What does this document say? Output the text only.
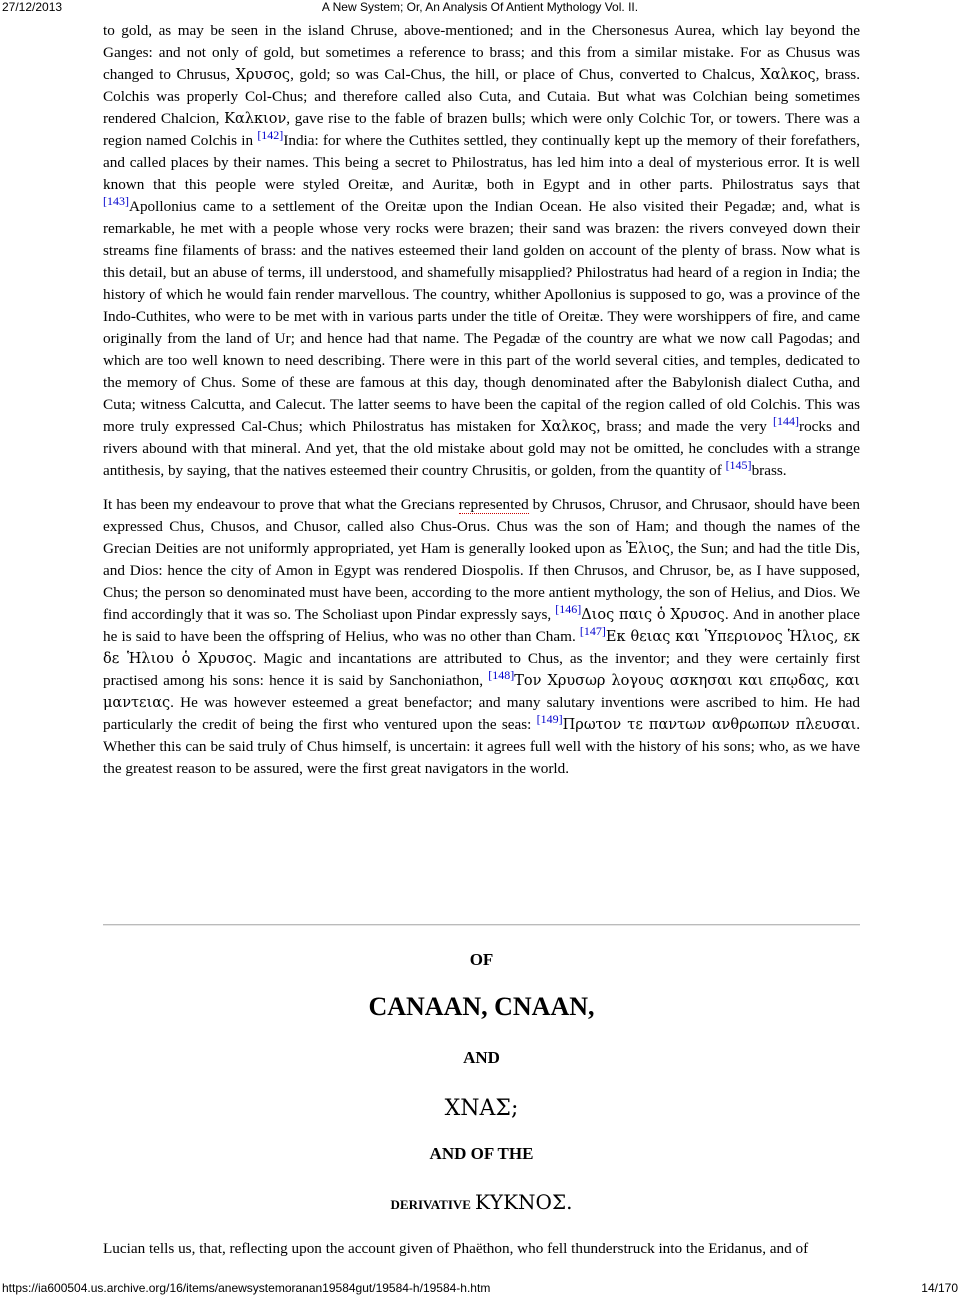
27/12/2013	A New System; Or, An Analysis Of Antient Mythology Vol. II.

to gold, as may be seen in the island Chruse, above-mentioned; and in the Chersonesus Aurea, which lay beyond the Ganges: and not only of gold, but sometimes a reference to brass; and this from a similar mistake. For as Chusus was changed to Chrusus, Χρυσος, gold; so was Cal-Chus, the hill, or place of Chus, converted to Chalcus, Χαλκος, brass. Colchis was properly Col-Chus; and therefore called also Cuta, and Cutaia. But what was Colchian being sometimes rendered Chalcion, Καλκιον, gave rise to the fable of brazen bulls; which were only Colchic Tor, or towers. There was a region named Colchis in [142]India: for where the Cuthites settled, they continually kept up the memory of their forefathers, and called places by their names. This being a secret to Philostratus, has led him into a deal of mysterious error. It is well known that this people were styled Oreitæ, and Auritæ, both in Egypt and in other parts. Philostratus says that [143]Apollonius came to a settlement of the Oreitæ upon the Indian Ocean. He also visited their Pegadæ; and, what is remarkable, he met with a people whose very rocks were brazen; their sand was brazen: the rivers conveyed down their streams fine filaments of brass: and the natives esteemed their land golden on account of the plenty of brass. Now what is this detail, but an abuse of terms, ill understood, and shamefully misapplied? Philostratus had heard of a region in India; the history of which he would fain render marvellous. The country, whither Apollonius is supposed to go, was a province of the Indo-Cuthites, who were to be met with in various parts under the title of Oreitæ. They were worshippers of fire, and came originally from the land of Ur; and hence had that name. The Pegadæ of the country are what we now call Pagodas; and which are too well known to need describing. There were in this part of the world several cities, and temples, dedicated to the memory of Chus. Some of these are famous at this day, though denominated after the Babylonish dialect Cutha, and Cuta; witness Calcutta, and Calecut. The latter seems to have been the capital of the region called of old Colchis. This was more truly expressed Cal-Chus; which Philostratus has mistaken for Χαλκος, brass; and made the very [144]rocks and rivers abound with that mineral. And yet, that the old mistake about gold may not be omitted, he concludes with a strange antithesis, by saying, that the natives esteemed their country Chrusitis, or golden, from the quantity of [145]brass.

It has been my endeavour to prove that what the Grecians represented by Chrusos, Chrusor, and Chrusaor, should have been expressed Chus, Chusos, and Chusor, called also Chus-Orus. Chus was the son of Ham; and though the names of the Grecian Deities are not uniformly appropriated, yet Ham is generally looked upon as Ἑλιος, the Sun; and had the title Dis, and Dios: hence the city of Amon in Egypt was rendered Diospolis. If then Chrusos, and Chrusor, be, as I have supposed, Chus; the person so denominated must have been, according to the more antient mythology, the son of Helius, and Dios. We find accordingly that it was so. The Scholiast upon Pindar expressly says, [146]Διος παις ὁ Χρυσος. And in another place he is said to have been the offspring of Helius, who was no other than Cham. [147]Εκ θειας και Ὑπεριονος Ἡλιος, εκ δε Ἡλιου ὁ Χρυσος. Magic and incantations are attributed to Chus, as the inventor; and they were certainly first practised among his sons: hence it is said by Sanchoniathon, [148]Τον Χρυσωρ λογους ασκησαι και επῳδας, και μαντειας. He was however esteemed a great benefactor; and many salutary inventions were ascribed to him. He had particularly the credit of being the first who ventured upon the seas: [149]Πρωτον τε παντων ανθρωπων πλευσαι. Whether this can be said truly of Chus himself, is uncertain: it agrees full well with the history of his sons; who, as we have the greatest reason to be assured, were the first great navigators in the world.

OF
CANAAN, CNAAN,
AND
ΧΝΑΣ;
AND OF THE
DERIVATIVE ΚΥΚΝΟΣ.

Lucian tells us, that, reflecting upon the account given of Phaëthon, who fell thunderstruck into the Eridanus, and of

https://ia600504.us.archive.org/16/items/anewsystemoranan19584gut/19584-h/19584-h.htm	14/170
